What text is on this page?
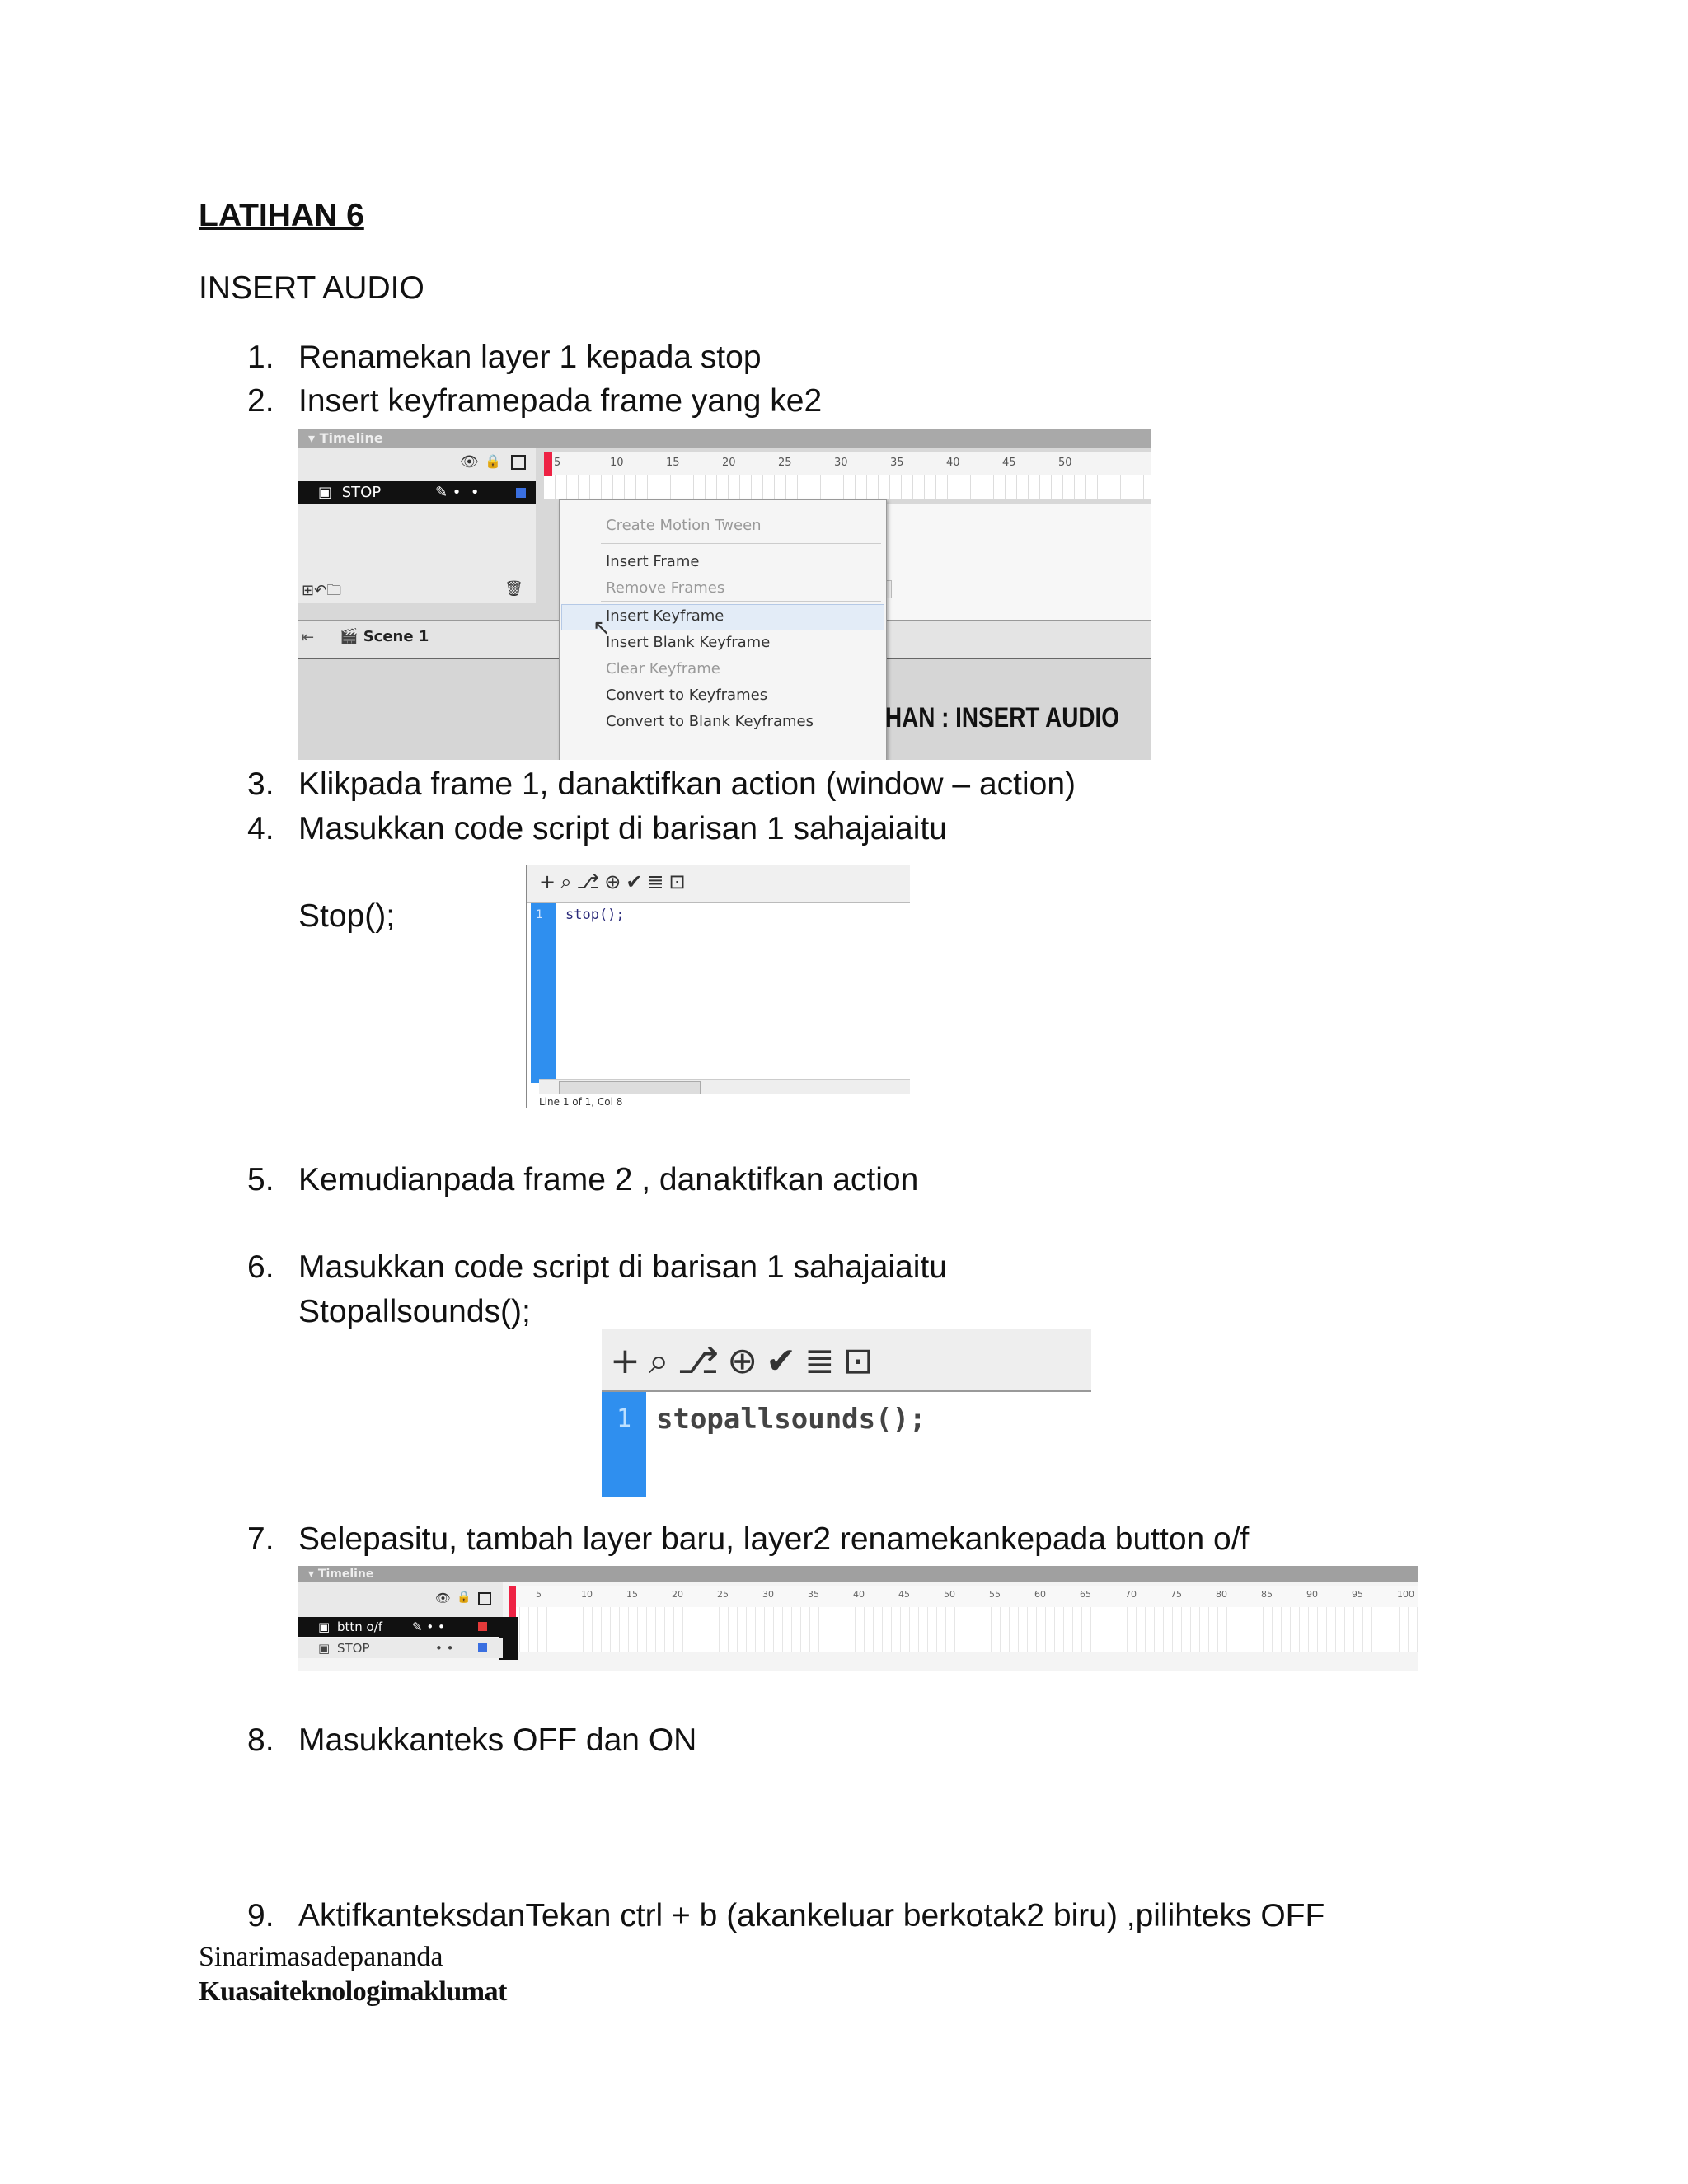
LATIHAN 6
INSERT AUDIO
1. Renamekan layer 1 kepada stop
2. Insert keyframepada frame yang ke2
▾ Timeline
👁 🔒	5	10	15	20	25	30	35	40	45	50
▣ STOP	✎ •  •
⊞↶🗀	🗑
⇤ 🎬 Scene 1
Create Motion Tween
Insert Frame
Remove Frames
Insert Keyframe
Insert Blank Keyframe
Clear Keyframe
Convert to Keyframes
Convert to Blank Keyframes
↖
HAN : INSERT AUDIO
3. Klikpada frame 1, danaktifkan action (window – action)
4. Masukkan code script di barisan 1 sahajaiaitu
Stop();
+⌕⎇⊕✔≣⊡
1 stop();
Line 1 of 1, Col 8
5. Kemudianpada frame 2 , danaktifkan action
6. Masukkan code script di barisan 1 sahajaiaitu
Stopallsounds();
+⌕⎇⊕✔≣⊡
1 stopallsounds();
7. Selepasitu, tambah layer baru, layer2 renamekankepada button o/f
▾ Timeline
👁 🔒	5	10	15	20	25	30	35	40	45	50	55	60	65	70	75	80	85	90	95	100
▣ bttn o/f ✎ • •
▣ STOP	• •
8. Masukkanteks OFF dan ON
9. AktifkanteksdanTekan ctrl + b (akankeluar berkotak2 biru) ,pilihteks OFF
Sinarimasadepananda
Kuasaiteknologimaklumat
